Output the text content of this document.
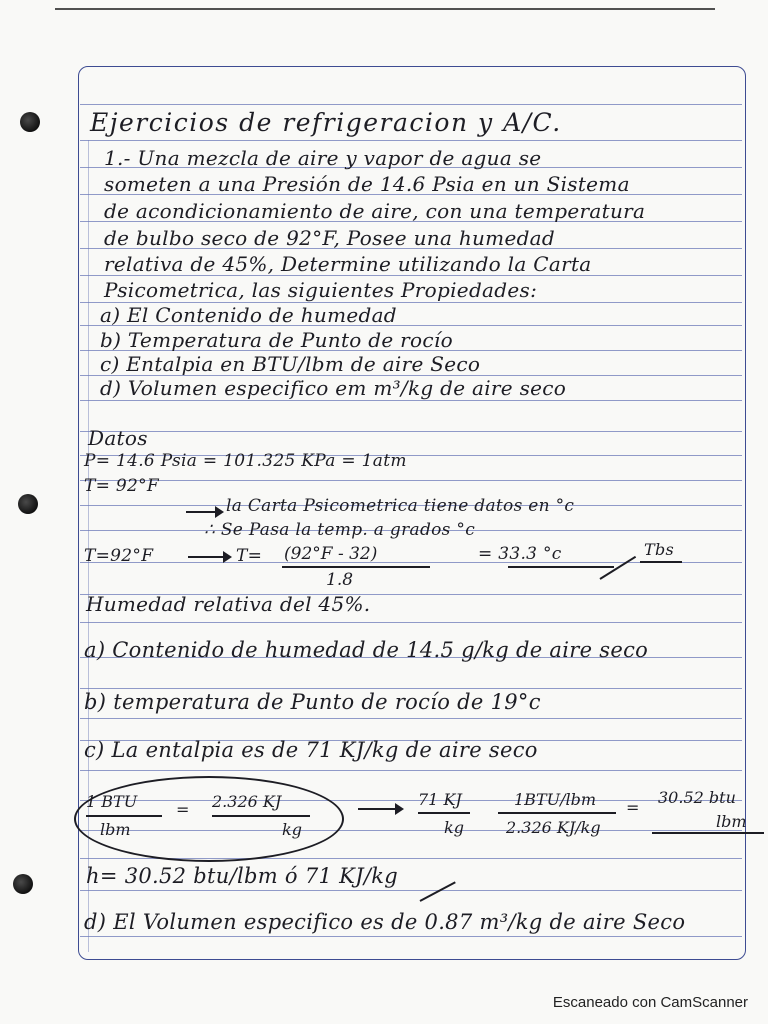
Ejercicios de refrigeracion y A/C.
1.- Una mezcla de aire y vapor de agua se
someten a una Presión de 14.6 Psia en un Sistema
de acondicionamiento de aire, con una temperatura
de bulbo seco de 92°F, Posee una humedad
relativa de 45%, Determine utilizando la Carta
Psicometrica, las siguientes Propiedades:
a) El Contenido de humedad
b) Temperatura de Punto de rocío
c) Entalpia en BTU/lbm de aire Seco
d) Volumen especifico em m³/kg de aire seco
Datos
P= 14.6 Psia = 101.325 KPa = 1atm
T= 92°F
la Carta Psicometrica tiene datos en °c
∴ Se Pasa la temp. a grados °c
T=92°F	T= (92°F - 32)
1.8
= 33.3 °c	Tbs
Humedad relativa del 45%.
a) Contenido de humedad de 14.5 g/kg de aire seco
b) temperatura de Punto de rocío de 19°c
c) La entalpia es de 71 KJ/kg de aire seco
1 BTU
lbm
= 2.326 KJ
kg
71 KJ
kg
1BTU/lbm
2.326 KJ/kg
=
30.52 btu
lbm
h= 30.52 btu/lbm ó 71 KJ/kg
d) El Volumen especifico es de 0.87 m³/kg de aire Seco
Escaneado con CamScanner
